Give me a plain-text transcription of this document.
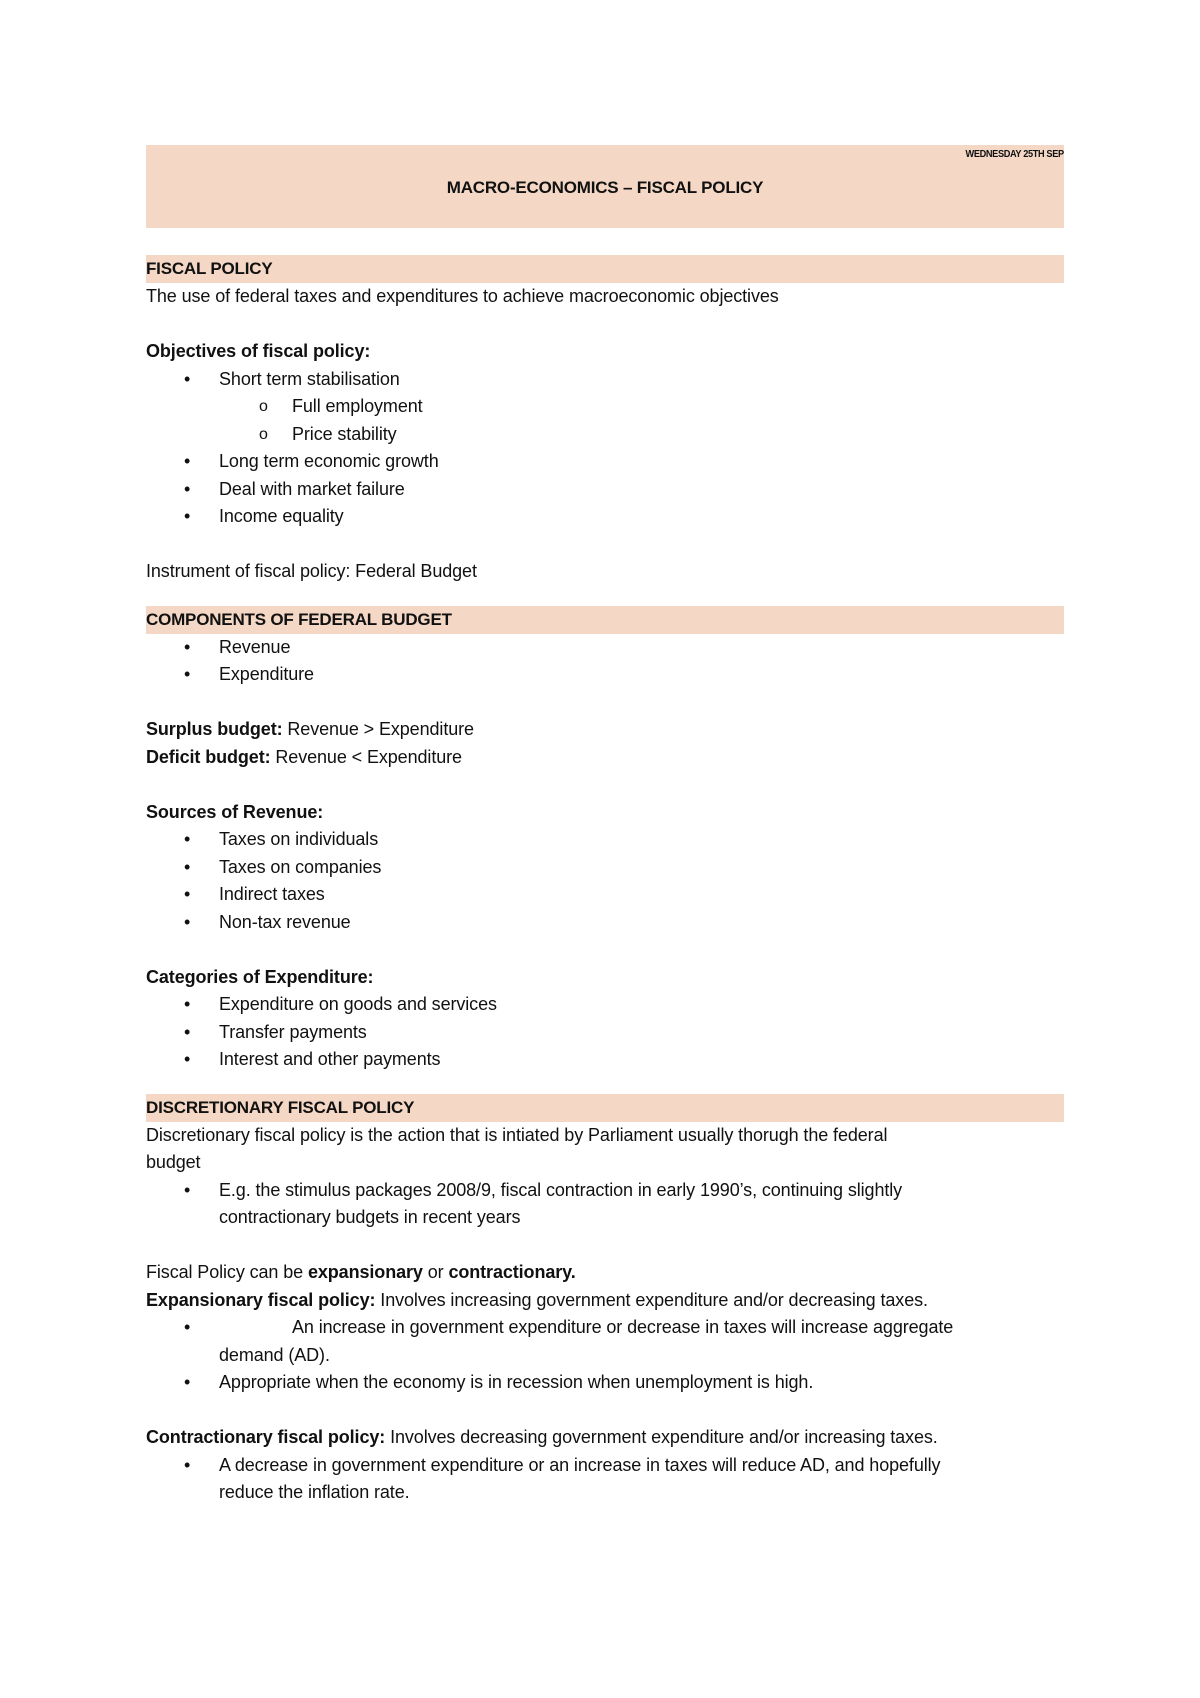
WEDNESDAY 25TH SEP
MACRO-ECONOMICS – FISCAL POLICY
FISCAL POLICY
The use of federal taxes and expenditures to achieve macroeconomic objectives
Objectives of fiscal policy:
• Short term stabilisation
o Full employment
o Price stability
• Long term economic growth
• Deal with market failure
• Income equality
Instrument of fiscal policy: Federal Budget
COMPONENTS OF FEDERAL BUDGET
• Revenue
• Expenditure
Surplus budget: Revenue > Expenditure
Deficit budget: Revenue < Expenditure
Sources of Revenue:
• Taxes on individuals
• Taxes on companies
• Indirect taxes
• Non-tax revenue
Categories of Expenditure:
• Expenditure on goods and services
• Transfer payments
• Interest and other payments
DISCRETIONARY FISCAL POLICY
Discretionary fiscal policy is the action that is intiated by Parliament usually thorugh the federal
budget
• E.g. the stimulus packages 2008/9, fiscal contraction in early 1990’s, continuing slightly
contractionary budgets in recent years
Fiscal Policy can be expansionary or contractionary.
Expansionary fiscal policy: Involves increasing government expenditure and/or decreasing taxes.
• An increase in government expenditure or decrease in taxes will increase aggregate
demand (AD).
• Appropriate when the economy is in recession when unemployment is high.
Contractionary fiscal policy: Involves decreasing government expenditure and/or increasing taxes.
• A decrease in government expenditure or an increase in taxes will reduce AD, and hopefully
reduce the inflation rate.
